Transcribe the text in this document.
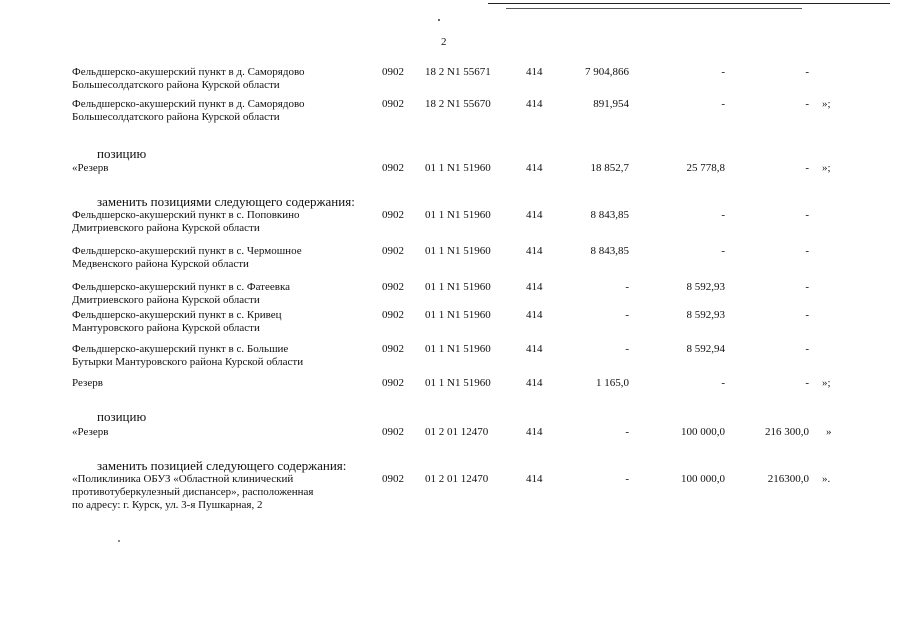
2
Фельдшерско-акушерский пункт в д. Саморядово
Большесолдатского района Курской области
0902 18 2 N1 55671	414	7 904,866	-	-
Фельдшерско-акушерский пункт в д. Саморядово
Большесолдатского района Курской области
0902 18 2 N1 55670	414	891,954	-	- »;
позицию
«Резерв	0902 01 1 N1 51960	414	18 852,7	25 778,8	- »;
заменить позициями следующего содержания:
Фельдшерско-акушерский пункт в с. Поповкино
Дмитриевского района Курской области
0902 01 1 N1 51960	414	8 843,85	-	-
Фельдшерско-акушерский пункт в с. Чермошное
Медвенского района Курской области
0902 01 1 N1 51960	414	8 843,85	-	-
Фельдшерско-акушерский пункт в с. Фатеевка
Дмитриевского района Курской области
0902 01 1 N1 51960	414	-	8 592,93	-
Фельдшерско-акушерский пункт в с. Кривец
Мантуровского района Курской области
0902 01 1 N1 51960	414	-	8 592,93	-
Фельдшерско-акушерский пункт в с. Большие
Бутырки Мантуровского района Курской области
0902 01 1 N1 51960	414	-	8 592,94	-
Резерв	0902 01 1 N1 51960	414	1 165,0	-	- »;
позицию
«Резерв	0902 01 2 01 12470	414	-	100 000,0	216 300,0 »
заменить позицией следующего содержания:
«Поликлиника ОБУЗ «Областной клинический
противотуберкулезный диспансер», расположенная
по адресу: г. Курск, ул. 3-я Пушкарная, 2
0902 01 2 01 12470	414	-	100 000,0	216300,0 ».
